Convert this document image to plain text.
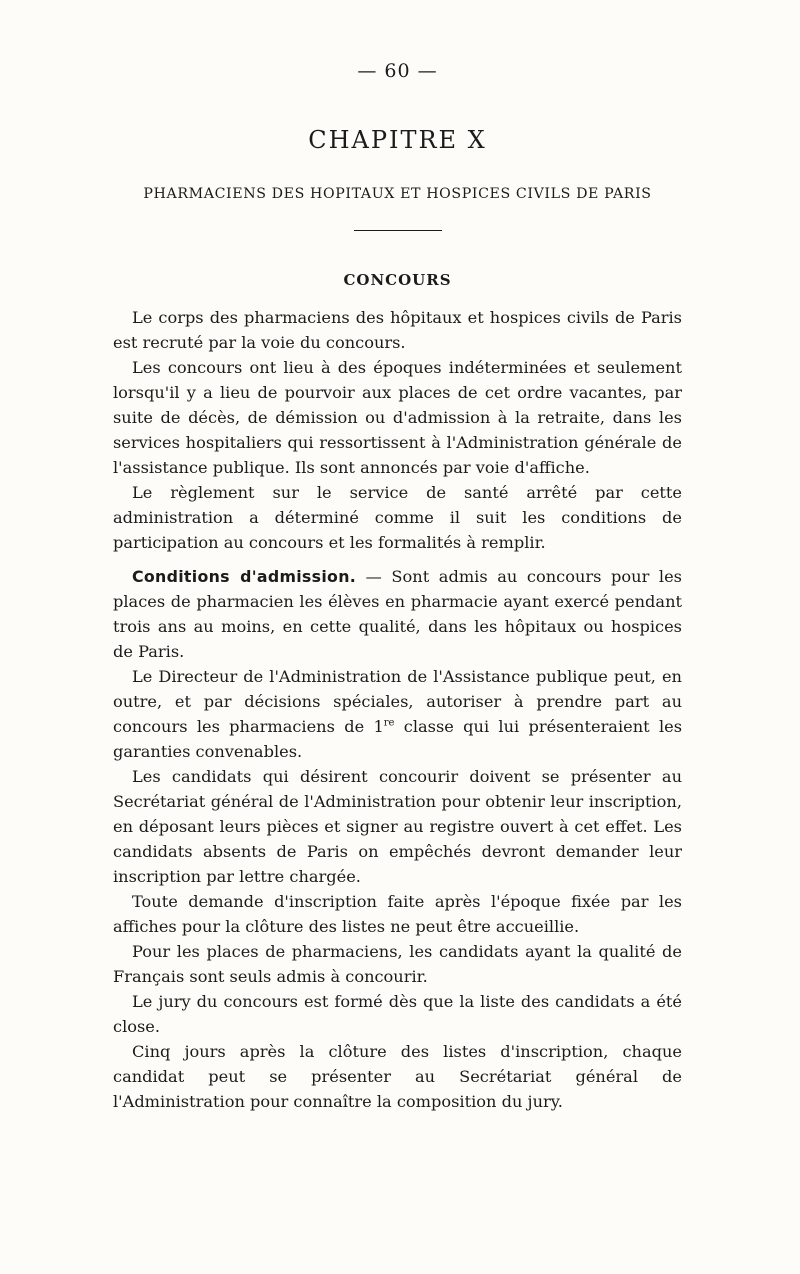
— 60 —
CHAPITRE X
PHARMACIENS DES HOPITAUX ET HOSPICES CIVILS DE PARIS
CONCOURS

Le corps des pharmaciens des hôpitaux et hospices civils de Paris est recruté par la voie du concours.

Les concours ont lieu à des époques indéterminées et seulement lorsqu'il y a lieu de pourvoir aux places de cet ordre vacantes, par suite de décès, de démission ou d'admission à la retraite, dans les services hospitaliers qui ressortissent à l'Administration générale de l'assistance publique. Ils sont annoncés par voie d'affiche.

Le règlement sur le service de santé arrêté par cette administration a déterminé comme il suit les conditions de participation au concours et les formalités à remplir.

Conditions d'admission. — Sont admis au concours pour les places de pharmacien les élèves en pharmacie ayant exercé pendant trois ans au moins, en cette qualité, dans les hôpitaux ou hospices de Paris.

Le Directeur de l'Administration de l'Assistance publique peut, en outre, et par décisions spéciales, autoriser à prendre part au concours les pharmaciens de 1re classe qui lui présenteraient les garanties convenables.

Les candidats qui désirent concourir doivent se présenter au Secrétariat général de l'Administration pour obtenir leur inscription, en déposant leurs pièces et signer au registre ouvert à cet effet. Les candidats absents de Paris on empêchés devront demander leur inscription par lettre chargée.

Toute demande d'inscription faite après l'époque fixée par les affiches pour la clôture des listes ne peut être accueillie.

Pour les places de pharmaciens, les candidats ayant la qualité de Français sont seuls admis à concourir.

Le jury du concours est formé dès que la liste des candidats a été close.

Cinq jours après la clôture des listes d'inscription, chaque candidat peut se présenter au Secrétariat général de l'Administration pour connaître la composition du jury.
